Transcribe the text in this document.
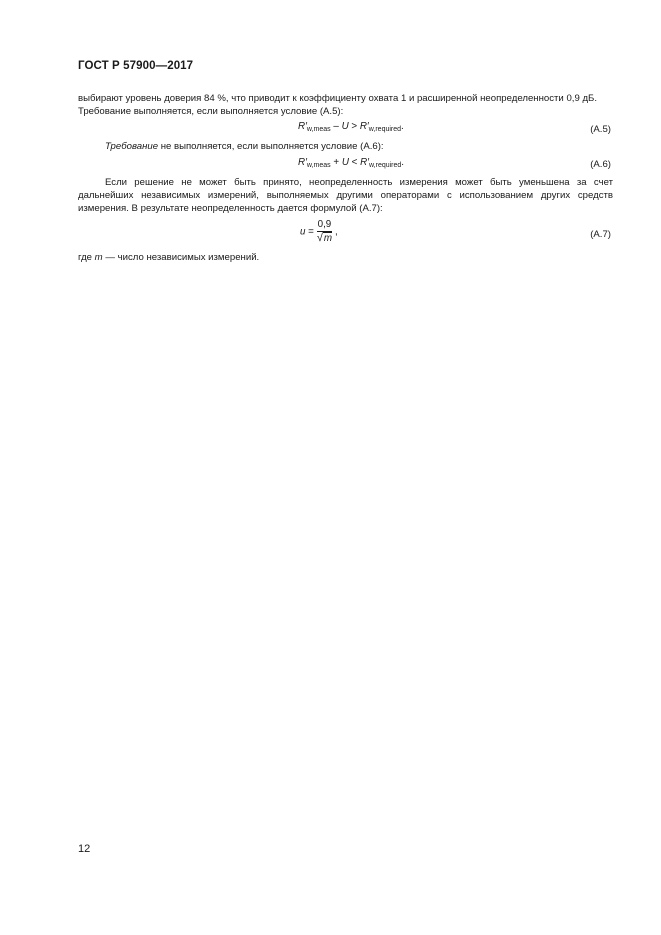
ГОСТ Р 57900—2017

выбирают уровень доверия 84 %, что приводит к коэффициенту охвата 1 и расширенной неопределенности 0,9 дБ.

Требование выполняется, если выполняется условие (А.5):

$R'_{w,meas} - U > R'_{w,required}$.	(А.5)

Требование не выполняется, если выполняется условие (А.6):

$R'_{w,meas} + U < R'_{w,required}$.	(А.6)

Если решение не может быть принято, неопределенность измерения может быть уменьшена за счет дальнейших независимых измерений, выполняемых другими операторами с использованием других средств измерения. В результате неопределенность дается формулой (А.7):

$u = \frac{0,9}{√m}$ ,	(А.7)

где m — число независимых измерений.

12
